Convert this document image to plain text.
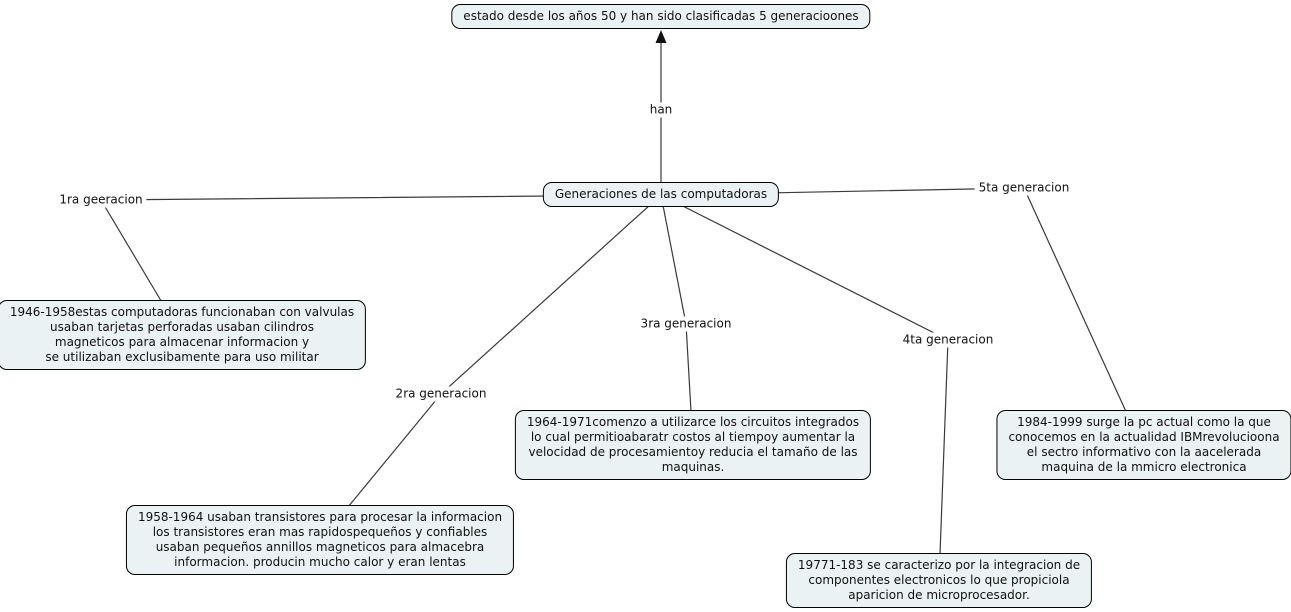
estado desde los años 50 y han sido clasificadas 5 generacioones
Generaciones de las computadoras
1946-1958estas computadoras funcionaban con valvulas
usaban tarjetas perforadas usaban cilindros
magneticos para almacenar informacion y
se utilizaban exclusibamente para uso militar
1958-1964 usaban transistores para procesar la informacion
los transistores eran mas rapidospequeños y confiables
usaban pequeños annillos magneticos para almacebra
informacion. producin mucho calor y eran lentas
1964-1971comenzo a utilizarce los circuitos integrados
lo cual permitioabaratr costos al tiempoy aumentar la
velocidad de procesamientoy reducia el tamaño de las
maquinas.
19771-183 se caracterizo por la integracion de
componentes electronicos lo que propiciola
aparicion de microprocesador.
1984-1999 surge la pc actual como la que
conocemos en la actualidad IBMrevolucioona
el sectro informativo con la aacelerada
maquina de la mmicro electronica
han
1ra geeracion
2ra generacion
3ra generacion
4ta generacion
5ta generacion
